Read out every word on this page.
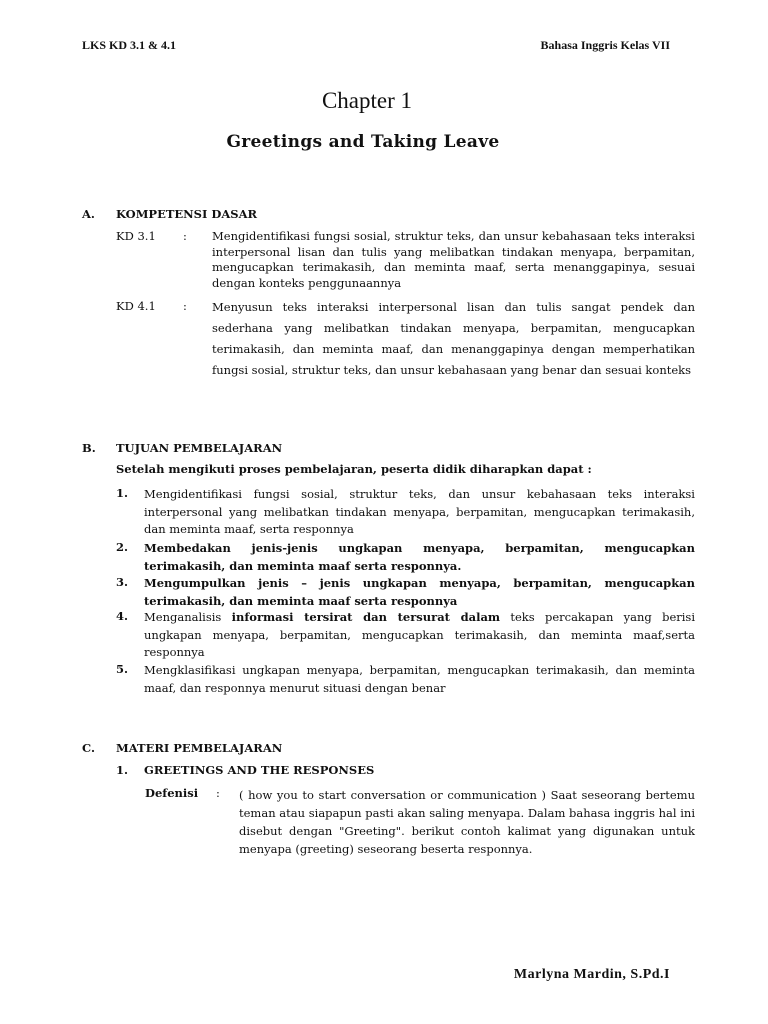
LKS KD 3.1 & 4.1	Bahasa Inggris Kelas VII
Chapter 1
Greetings and Taking Leave
A. KOMPETENSI DASAR
KD 3.1 : Mengidentifikasi fungsi sosial, struktur teks, dan unsur kebahasaan teks interaksi interpersonal lisan dan tulis yang melibatkan tindakan menyapa, berpamitan, mengucapkan terimakasih, dan meminta maaf, serta menanggapinya, sesuai dengan konteks penggunaannya
KD 4.1 : Menyusun teks interaksi interpersonal lisan dan tulis sangat pendek dan sederhana yang melibatkan tindakan menyapa, berpamitan, mengucapkan terimakasih, dan meminta maaf, dan menanggapinya dengan memperhatikan fungsi sosial, struktur teks, dan unsur kebahasaan yang benar dan sesuai konteks
B. TUJUAN PEMBELAJARAN
Setelah mengikuti proses pembelajaran, peserta didik diharapkan dapat :
1. Mengidentifikasi fungsi sosial, struktur teks, dan unsur kebahasaan teks interaksi interpersonal yang melibatkan tindakan menyapa, berpamitan, mengucapkan terimakasih, dan meminta maaf, serta responnya
2. Membedakan jenis-jenis ungkapan menyapa, berpamitan, mengucapkan terimakasih, dan meminta maaf serta responnya.
3. Mengumpulkan jenis – jenis ungkapan menyapa, berpamitan, mengucapkan terimakasih, dan meminta maaf serta responnya
4. Menganalisis informasi tersirat dan tersurat dalam teks percakapan yang berisi ungkapan menyapa, berpamitan, mengucapkan terimakasih, dan meminta maaf,serta responnya
5. Mengklasifikasi ungkapan menyapa, berpamitan, mengucapkan terimakasih, dan meminta maaf, dan responnya menurut situasi dengan benar
C. MATERI PEMBELAJARAN
1. GREETINGS AND THE RESPONSES
Defenisi : ( how you to start conversation or communication ) Saat seseorang bertemu teman atau siapapun pasti akan saling menyapa. Dalam bahasa inggris hal ini disebut dengan "Greeting". berikut contoh kalimat yang digunakan untuk menyapa (greeting) seseorang beserta responnya.
Marlyna Mardin, S.Pd.I
